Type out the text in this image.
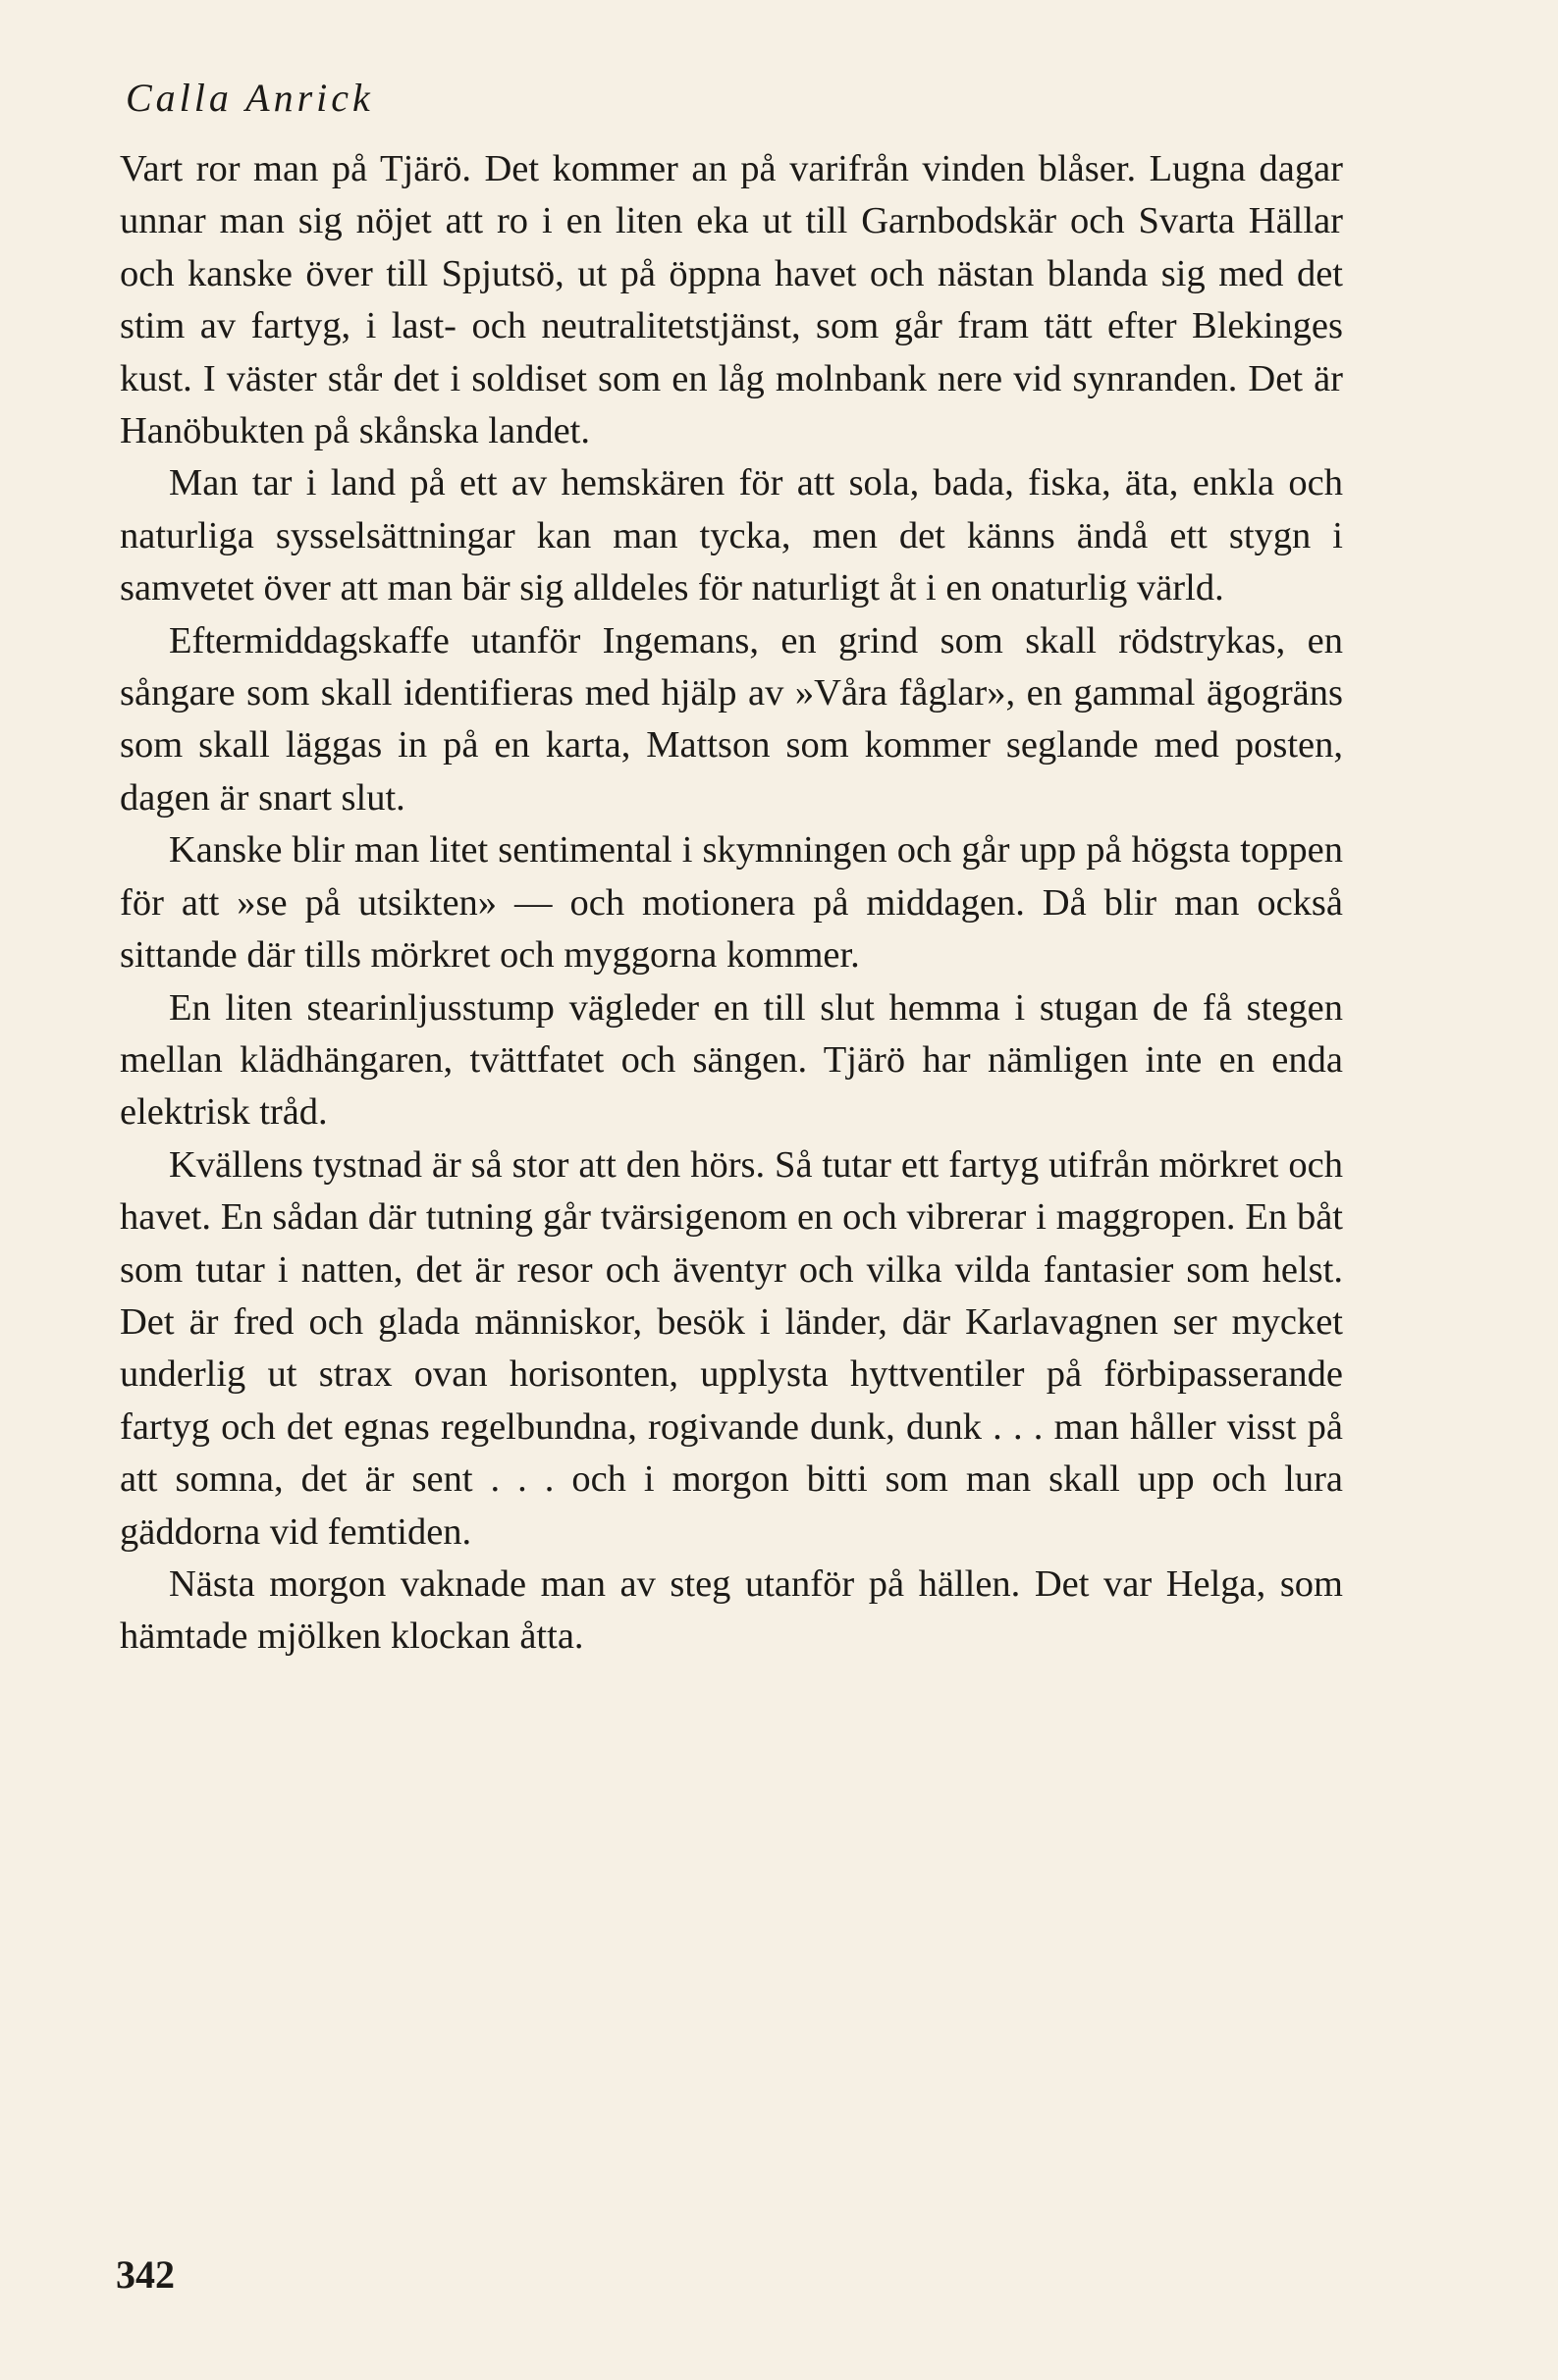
Calla Anrick

Vart ror man på Tjärö. Det kommer an på varifrån vinden blåser. Lugna dagar unnar man sig nöjet att ro i en liten eka ut till Garnbodskär och Svarta Hällar och kanske över till Spjutsö, ut på öppna havet och nästan blanda sig med det stim av fartyg, i last- och neutralitetstjänst, som går fram tätt efter Blekinges kust. I väster står det i soldiset som en låg molnbank nere vid synranden. Det är Hanöbukten på skånska landet.

Man tar i land på ett av hemskären för att sola, bada, fiska, äta, enkla och naturliga sysselsättningar kan man tycka, men det känns ändå ett stygn i samvetet över att man bär sig alldeles för naturligt åt i en onaturlig värld.

Eftermiddagskaffe utanför Ingemans, en grind som skall rödstrykas, en sångare som skall identifieras med hjälp av »Våra fåglar», en gammal ägogräns som skall läggas in på en karta, Mattson som kommer seglande med posten, dagen är snart slut.

Kanske blir man litet sentimental i skymningen och går upp på högsta toppen för att »se på utsikten» — och motionera på middagen. Då blir man också sittande där tills mörkret och myggorna kommer.

En liten stearinljusstump vägleder en till slut hemma i stugan de få stegen mellan klädhängaren, tvättfatet och sängen. Tjärö har nämligen inte en enda elektrisk tråd.

Kvällens tystnad är så stor att den hörs. Så tutar ett fartyg utifrån mörkret och havet. En sådan där tutning går tvärsigenom en och vibrerar i maggropen. En båt som tutar i natten, det är resor och äventyr och vilka vilda fantasier som helst. Det är fred och glada människor, besök i länder, där Karlavagnen ser mycket underlig ut strax ovan horisonten, upplysta hyttventiler på förbipasserande fartyg och det egnas regelbundna, rogivande dunk, dunk . . . man håller visst på att somna, det är sent . . . och i morgon bitti som man skall upp och lura gäddorna vid femtiden.

Nästa morgon vaknade man av steg utanför på hällen. Det var Helga, som hämtade mjölken klockan åtta.

342
